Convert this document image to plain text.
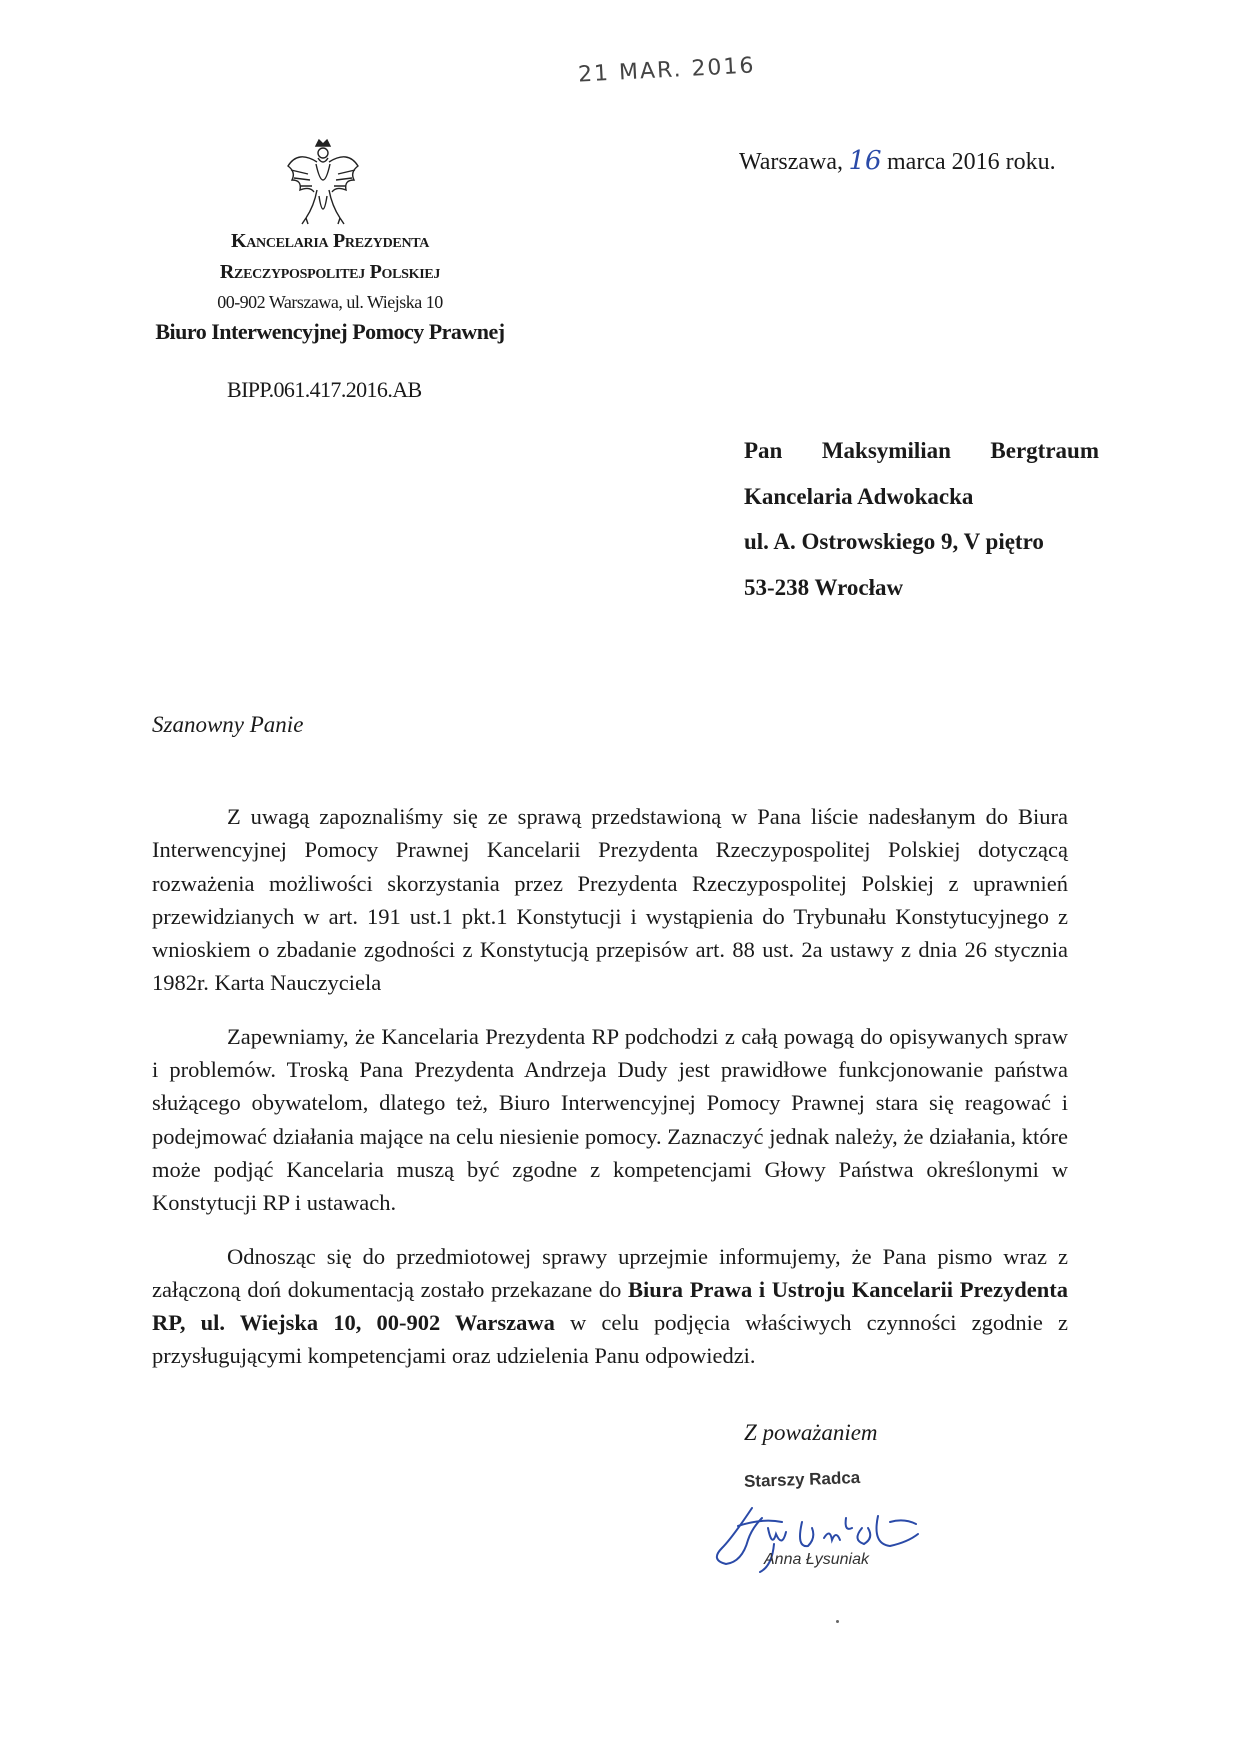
21 MAR. 2016
Warszawa, 16 marca 2016 roku.
Kancelaria Prezydenta
Rzeczypospolitej Polskiej
00-902 Warszawa, ul. Wiejska 10
Biuro Interwencyjnej Pomocy Prawnej
BIPP.061.417.2016.AB
Pan Maksymilian Bergtraum
Kancelaria Adwokacka
ul. A. Ostrowskiego 9, V piętro
53-238 Wrocław
Szanowny Panie

Z uwagą zapoznaliśmy się ze sprawą przedstawioną w Pana liście nadesłanym do Biura Interwencyjnej Pomocy Prawnej Kancelarii Prezydenta Rzeczypospolitej Polskiej dotyczącą rozważenia możliwości skorzystania przez Prezydenta Rzeczypospolitej Polskiej z uprawnień przewidzianych w art. 191 ust.1 pkt.1 Konstytucji i wystąpienia do Trybunału Konstytucyjnego z wnioskiem o zbadanie zgodności z Konstytucją przepisów art. 88 ust. 2a ustawy z dnia 26 stycznia 1982r. Karta Nauczyciela

Zapewniamy, że Kancelaria Prezydenta RP podchodzi z całą powagą do opisywanych spraw i problemów. Troską Pana Prezydenta Andrzeja Dudy jest prawidłowe funkcjonowanie państwa służącego obywatelom, dlatego też, Biuro Interwencyjnej Pomocy Prawnej stara się reagować i podejmować działania mające na celu niesienie pomocy. Zaznaczyć jednak należy, że działania, które może podjąć Kancelaria muszą być zgodne z kompetencjami Głowy Państwa określonymi w Konstytucji RP i ustawach.

Odnosząc się do przedmiotowej sprawy uprzejmie informujemy, że Pana pismo wraz z załączoną doń dokumentacją zostało przekazane do Biura Prawa i Ustroju Kancelarii Prezydenta RP, ul. Wiejska 10, 00-902 Warszawa w celu podjęcia właściwych czynności zgodnie z przysługującymi kompetencjami oraz udzielenia Panu odpowiedzi.

Z poważaniem
Starszy Radca
Anna Łysuniak
